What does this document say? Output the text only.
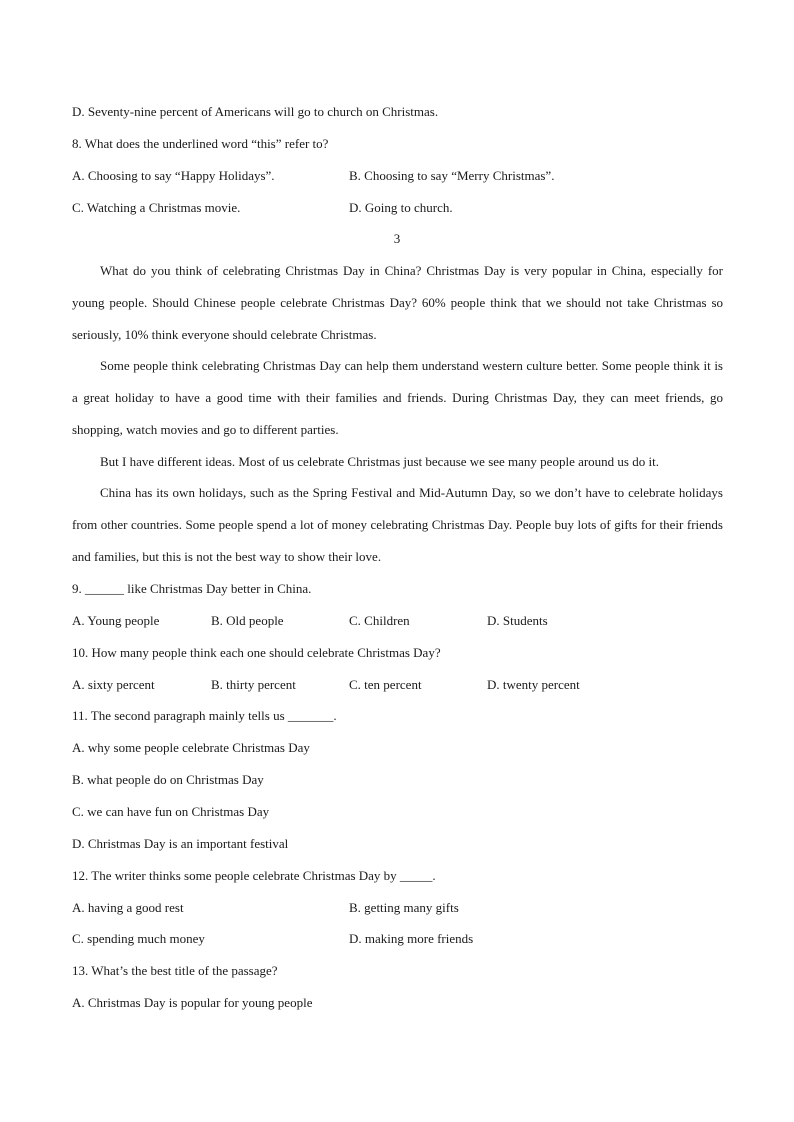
D. Seventy-nine percent of Americans will go to church on Christmas.
8. What does the underlined word “this” refer to?
A. Choosing to say “Happy Holidays”.	B. Choosing to say “Merry Christmas”.
C. Watching a Christmas movie.	D. Going to church.
3
What do you think of celebrating Christmas Day in China? Christmas Day is very popular in China, especially for young people. Should Chinese people celebrate Christmas Day? 60% people think that we should not take Christmas so seriously, 10% think everyone should celebrate Christmas.
Some people think celebrating Christmas Day can help them understand western culture better. Some people think it is a great holiday to have a good time with their families and friends. During Christmas Day, they can meet friends, go shopping, watch movies and go to different parties.
But I have different ideas. Most of us celebrate Christmas just because we see many people around us do it.
China has its own holidays, such as the Spring Festival and Mid-Autumn Day, so we don’t have to celebrate holidays from other countries. Some people spend a lot of money celebrating Christmas Day. People buy lots of gifts for their friends and families, but this is not the best way to show their love.
9. ______ like Christmas Day better in China.
A. Young people	B. Old people	C. Children	D. Students
10. How many people think each one should celebrate Christmas Day?
A. sixty percent	B. thirty percent	C. ten percent	D. twenty percent
11. The second paragraph mainly tells us _______.
A. why some people celebrate Christmas Day
B. what people do on Christmas Day
C. we can have fun on Christmas Day
D. Christmas Day is an important festival
12. The writer thinks some people celebrate Christmas Day by _____.
A. having a good rest	B. getting many gifts
C. spending much money	D. making more friends
13. What’s the best title of the passage?
A. Christmas Day is popular for young people
